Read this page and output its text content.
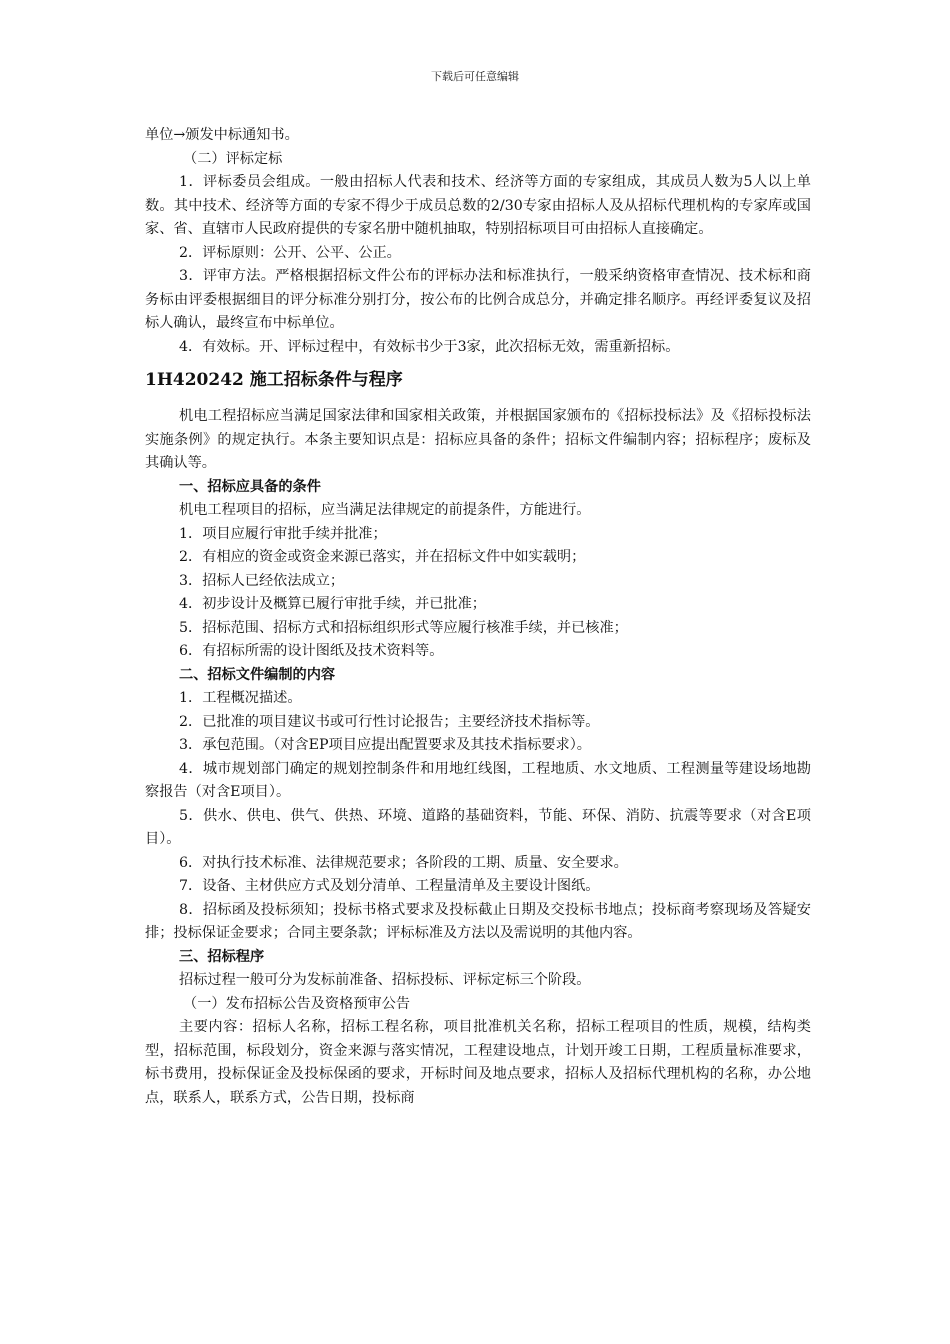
下载后可任意编辑

单位→颁发中标通知书。

（二）评标定标

1．评标委员会组成。一般由招标人代表和技术、经济等方面的专家组成，其成员人数为5人以上单数。其中技术、经济等方面的专家不得少于成员总数的2/30专家由招标人及从招标代理机构的专家库或国家、省、直辖市人民政府提供的专家名册中随机抽取，特别招标项目可由招标人直接确定。

2．评标原则：公开、公平、公正。

3．评审方法。严格根据招标文件公布的评标办法和标准执行，一般采纳资格审查情况、技术标和商务标由评委根据细目的评分标准分别打分，按公布的比例合成总分，并确定排名顺序。再经评委复议及招标人确认，最终宣布中标单位。

4．有效标。开、评标过程中，有效标书少于3家，此次招标无效，需重新招标。

1H420242 施工招标条件与程序

机电工程招标应当满足国家法律和国家相关政策，并根据国家颁布的《招标投标法》及《招标投标法实施条例》的规定执行。本条主要知识点是：招标应具备的条件；招标文件编制内容；招标程序；废标及其确认等。

一、招标应具备的条件

机电工程项目的招标，应当满足法律规定的前提条件，方能进行。

1．项目应履行审批手续并批准；

2．有相应的资金或资金来源已落实，并在招标文件中如实载明；

3．招标人已经依法成立；

4．初步设计及概算已履行审批手续，并已批准；

5．招标范围、招标方式和招标组织形式等应履行核准手续，并已核准；

6．有招标所需的设计图纸及技术资料等。

二、招标文件编制的内容

1．工程概况描述。

2．已批准的项目建议书或可行性讨论报告；主要经济技术指标等。

3．承包范围。（对含EP项目应提出配置要求及其技术指标要求）。

4．城市规划部门确定的规划控制条件和用地红线图，工程地质、水文地质、工程测量等建设场地勘察报告（对含E项目）。

5．供水、供电、供气、供热、环境、道路的基础资料，节能、环保、消防、抗震等要求（对含E项目）。

6．对执行技术标准、法律规范要求；各阶段的工期、质量、安全要求。

7．设备、主材供应方式及划分清单、工程量清单及主要设计图纸。

8．招标函及投标须知；投标书格式要求及投标截止日期及交投标书地点；投标商考察现场及答疑安排；投标保证金要求；合同主要条款；评标标准及方法以及需说明的其他内容。

三、招标程序

招标过程一般可分为发标前准备、招标投标、评标定标三个阶段。

（一）发布招标公告及资格预审公告

主要内容：招标人名称，招标工程名称，项目批准机关名称，招标工程项目的性质，规模，结构类型，招标范围，标段划分，资金来源与落实情况，工程建设地点，计划开竣工日期，工程质量标准要求，标书费用，投标保证金及投标保函的要求，开标时间及地点要求，招标人及招标代理机构的名称，办公地点，联系人，联系方式，公告日期，投标商
